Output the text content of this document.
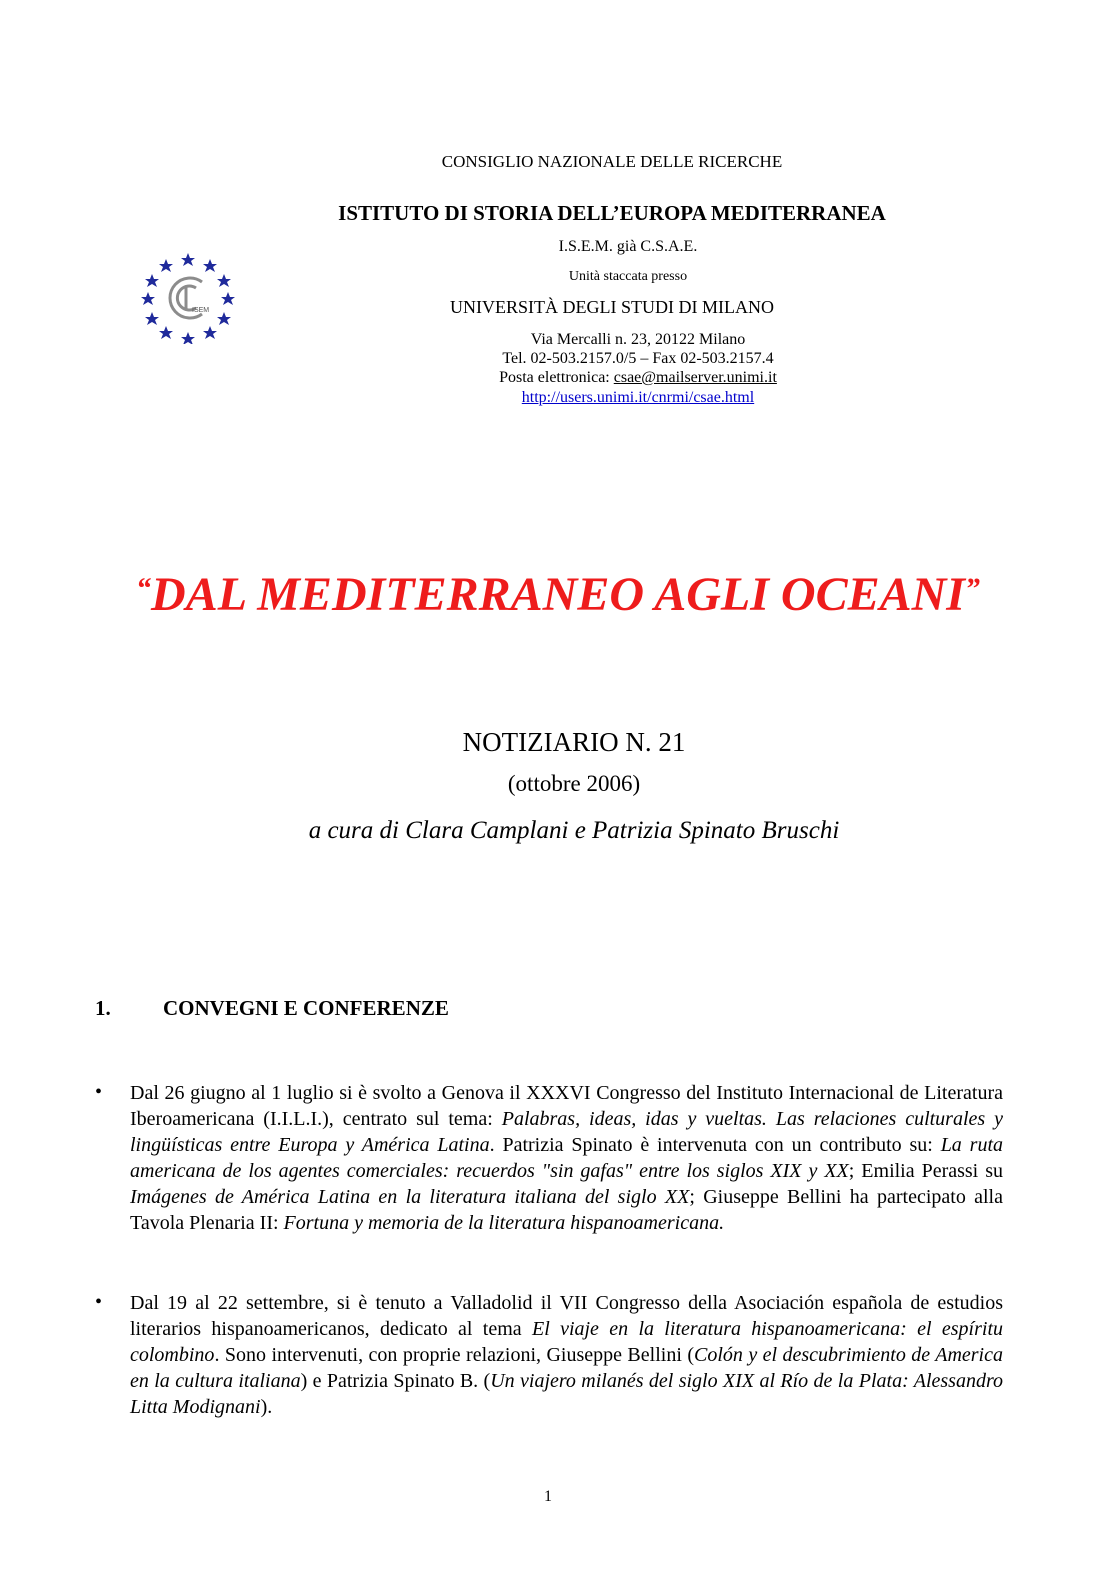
CONSIGLIO NAZIONALE DELLE RICERCHE
ISTITUTO DI STORIA DELL’EUROPA MEDITERRANEA
I.S.E.M. già C.S.A.E.
Unità staccata presso
UNIVERSITÀ DEGLI STUDI DI MILANO
Via Mercalli n. 23, 20122 Milano
Tel. 02-503.2157.0/5 – Fax 02-503.2157.4
Posta elettronica: csae@mailserver.unimi.it
http://users.unimi.it/cnrmi/csae.html
ISEM
“DAL MEDITERRANEO AGLI OCEANI”
NOTIZIARIO N. 21
(ottobre 2006)
a cura di Clara Camplani e Patrizia Spinato Bruschi
1. CONVEGNI E CONFERENZE
• Dal 26 giugno al 1 luglio si è svolto a Genova il XXXVI Congresso del Instituto Internacional de Literatura Iberoamericana (I.I.L.I.), centrato sul tema: Palabras, ideas, idas y vueltas. Las relaciones culturales y lingüísticas entre Europa y América Latina. Patrizia Spinato è intervenuta con un contributo su: La ruta americana de los agentes comerciales: recuerdos "sin gafas" entre los siglos XIX y XX; Emilia Perassi su Imágenes de América Latina en la literatura italiana del siglo XX; Giuseppe Bellini ha partecipato alla Tavola Plenaria II: Fortuna y memoria de la literatura hispanoamericana.
• Dal 19 al 22 settembre, si è tenuto a Valladolid il VII Congresso della Asociación española de estudios literarios hispanoamericanos, dedicato al tema El viaje en la literatura hispanoamericana: el espíritu colombino. Sono intervenuti, con proprie relazioni, Giuseppe Bellini (Colón y el descubrimiento de America en la cultura italiana) e Patrizia Spinato B. (Un viajero milanés del siglo XIX al Río de la Plata: Alessandro Litta Modignani).
1
